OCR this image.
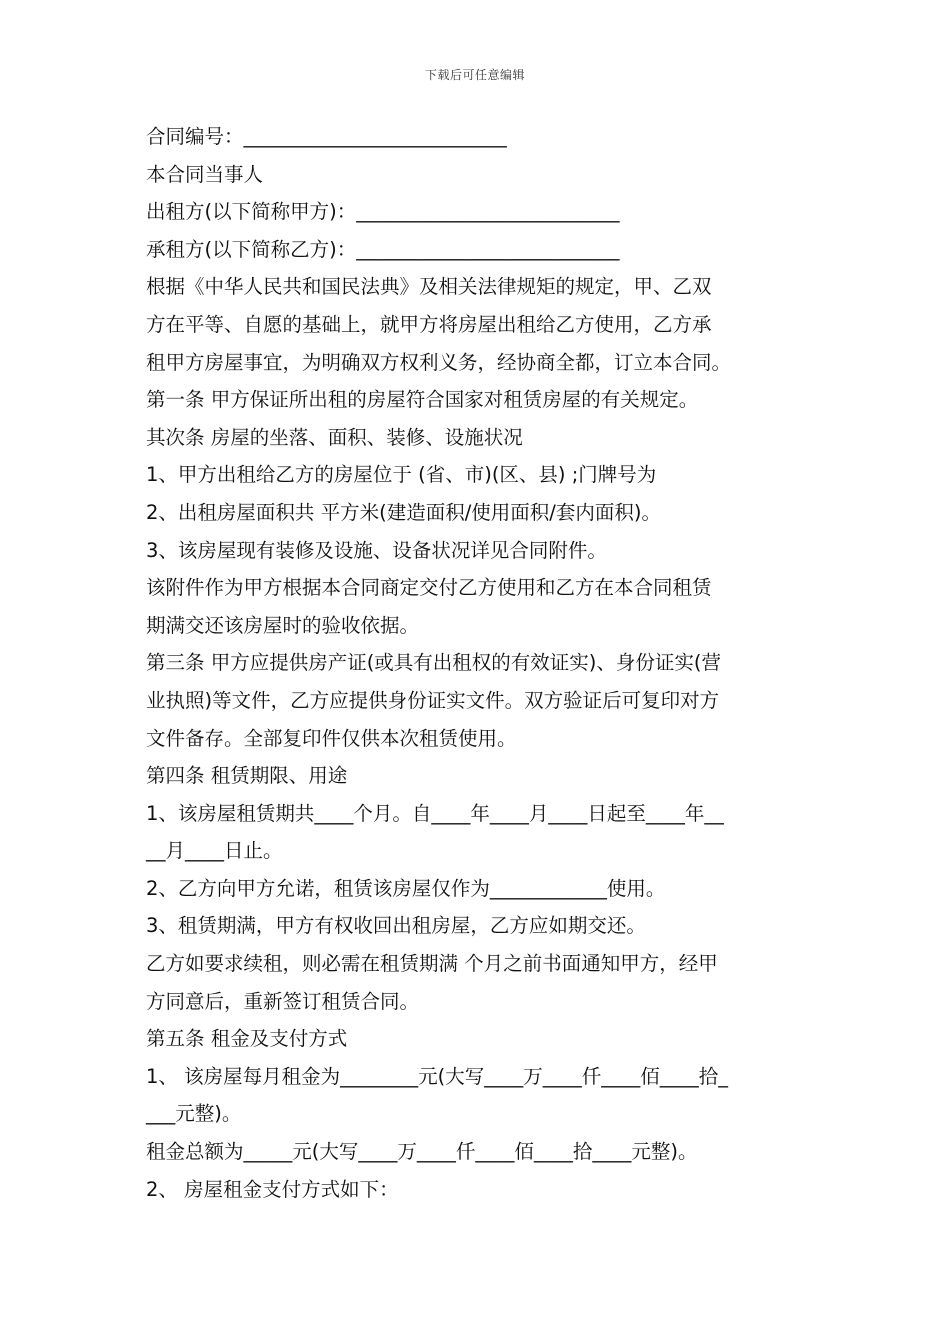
下载后可任意编辑
合同编号：___________________________
本合同当事人
出租方(以下简称甲方)：___________________________
承租方(以下简称乙方)：___________________________
根据《中华人民共和国民法典》及相关法律规矩的规定，甲、乙双
方在平等、自愿的基础上，就甲方将房屋出租给乙方使用，乙方承
租甲方房屋事宜，为明确双方权利义务，经协商全都，订立本合同。
第一条 甲方保证所出租的房屋符合国家对租赁房屋的有关规定。
其次条 房屋的坐落、面积、装修、设施状况
1、甲方出租给乙方的房屋位于 (省、市)(区、县) ;门牌号为
2、出租房屋面积共 平方米(建造面积/使用面积/套内面积)。
3、该房屋现有装修及设施、设备状况详见合同附件。
该附件作为甲方根据本合同商定交付乙方使用和乙方在本合同租赁
期满交还该房屋时的验收依据。
第三条 甲方应提供房产证(或具有出租权的有效证实)、身份证实(营
业执照)等文件，乙方应提供身份证实文件。双方验证后可复印对方
文件备存。全部复印件仅供本次租赁使用。
第四条 租赁期限、用途
1、该房屋租赁期共____个月。自____年____月____日起至____年__
__月____日止。
2、乙方向甲方允诺，租赁该房屋仅作为____________使用。
3、租赁期满，甲方有权收回出租房屋，乙方应如期交还。
乙方如要求续租，则必需在租赁期满 个月之前书面通知甲方，经甲
方同意后，重新签订租赁合同。
第五条 租金及支付方式
1、 该房屋每月租金为________元(大写____万____仟____佰____拾_
___元整)。
租金总额为_____元(大写____万____仟____佰____拾____元整)。
2、 房屋租金支付方式如下：
